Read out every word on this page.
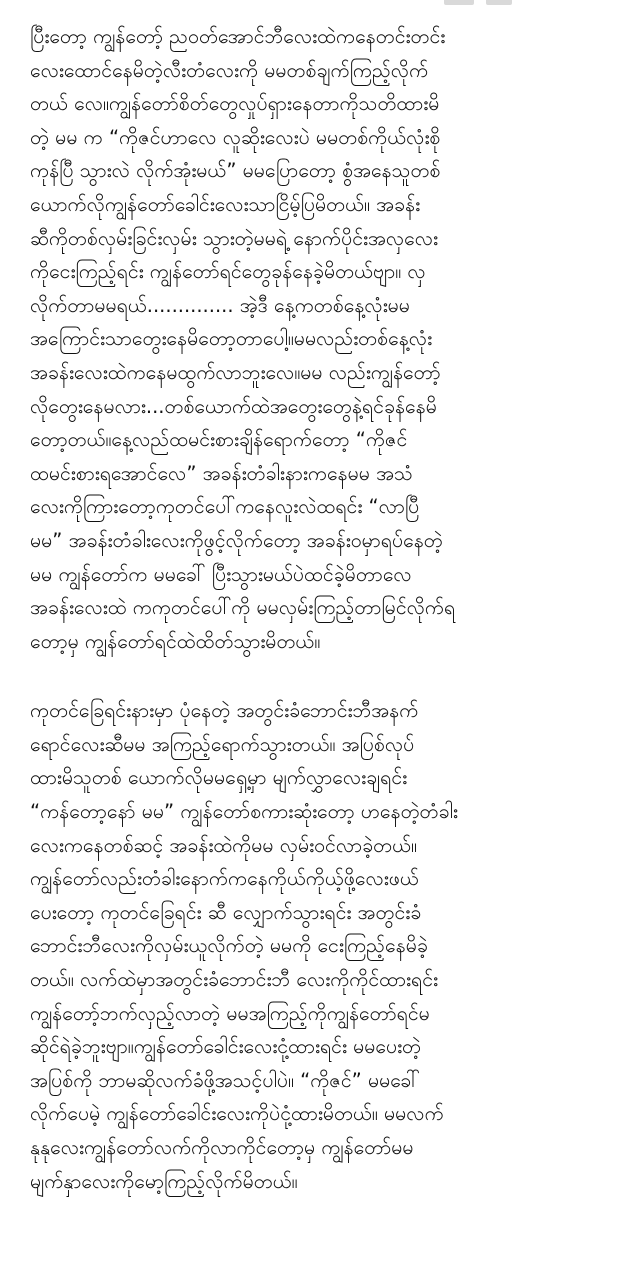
ပြီးတော့ ကျွန်တော့် ညဝတ်အောင်ဘီလေးထဲကနေတင်းတင်း
လေးထောင်နေမိတဲ့လီးတံလေးကို မမတစ်ချက်ကြည့်လိုက်
တယ် လေ။ကျွန်တော်စိတ်တွေလှုပ်ရှားနေတာကိုသတိထားမိ
တဲ့ မမ က “ကိုဇင်ဟာလေ လူဆိုးလေးပဲ မမတစ်ကိုယ်လုံးစို
ကုန်ပြီ သွားလဲ လိုက်အုံးမယ်” မမပြောတော့ စွံအနေသူတစ်
ယောက်လိုကျွန်တော်ခေါင်းလေးသာငြိမ့်ပြမိတယ်။ အခန်း
ဆီကိုတစ်လှမ်းခြင်းလှမ်း သွားတဲ့မမရဲ့ နောက်ပိုင်းအလှလေး
ကိုငေးကြည့်ရင်း ကျွန်တော်ရင်တွေခုန်နေခဲ့မိတယ်ဗျာ။ လှ
လိုက်တာမမရယ်.............. အဲ့ဒီ နေ့ကတစ်နေ့လုံးမမ
အကြောင်းသာတွေးနေမိတော့တာပေါ့။မမလည်းတစ်နေ့လုံး
အခန်းလေးထဲကနေမထွက်လာဘူးလေ။မမ လည်းကျွန်တော့်
လိုတွေးနေမလား...တစ်ယောက်ထဲအတွေးတွေနဲ့ရင်ခုန်နေမိ
တော့တယ်။နေ့လည်ထမင်းစားချိန်ရောက်တော့ “ကိုဇင်
ထမင်းစားရအောင်လေ” အခန်းတံခါးနားကနေမမ အသံ
လေးကိုကြားတော့ကုတင်ပေါ်ကနေလူးလဲထရင်း “လာပြီ
မမ” အခန်းတံခါးလေးကိုဖွင့်လိုက်တော့ အခန်းဝမှာရပ်နေတဲ့
မမ ကျွန်တော်က မမခေါ် ပြီးသွားမယ်ပဲထင်ခဲ့မိတာလေ
အခန်းလေးထဲ ကကုတင်ပေါ်ကို မမလှမ်းကြည့်တာမြင်လိုက်ရ
တော့မှ ကျွန်တော်ရင်ထဲထိတ်သွားမိတယ်။

ကုတင်ခြေရင်းနားမှာ ပုံနေတဲ့ အတွင်းခံဘောင်းဘီအနက်
ရောင်လေးဆီမမ အကြည့်ရောက်သွားတယ်။ အပြစ်လုပ်
ထားမိသူတစ် ယောက်လိုမမရှေ့မှာ မျက်လွှာလေးချရင်း
“ကန်တော့နော် မမ” ကျွန်တော်စကားဆုံးတော့ ဟနေတဲ့တံခါး
လေးကနေတစ်ဆင့် အခန်းထဲကိုမမ လှမ်းဝင်လာခဲ့တယ်။
ကျွန်တော်လည်းတံခါးနောက်ကနေကိုယ်ကိုယ့်ဖို့လေးဖယ်
ပေးတော့ ကုတင်ခြေရင်း ဆီ လျှောက်သွားရင်း အတွင်းခံ
ဘောင်းဘီလေးကိုလှမ်းယူလိုက်တဲ့ မမကို ငေးကြည့်နေမိခဲ့
တယ်။ လက်ထဲမှာအတွင်းခံဘောင်းဘီ လေးကိုကိုင်ထားရင်း
ကျွန်တော့်ဘက်လှည့်လာတဲ့ မမအကြည့်ကိုကျွန်တော်ရင်မ
ဆိုင်ရဲခဲ့ဘူးဗျာ။ကျွန်တော်ခေါင်းလေးငုံ့ထားရင်း မမပေးတဲ့
အပြစ်ကို ဘာမဆိုလက်ခံဖို့အသင့်ပါပဲ။ “ကိုဇင်” မမခေါ်
လိုက်ပေမဲ့ ကျွန်တော်ခေါင်းလေးကိုပဲငုံ့ထားမိတယ်။ မမလက်
နုနုလေးကျွန်တော်လက်ကိုလာကိုင်တော့မှ ကျွန်တော်မမ
မျက်နှာလေးကိုမော့ကြည့်လိုက်မိတယ်။
